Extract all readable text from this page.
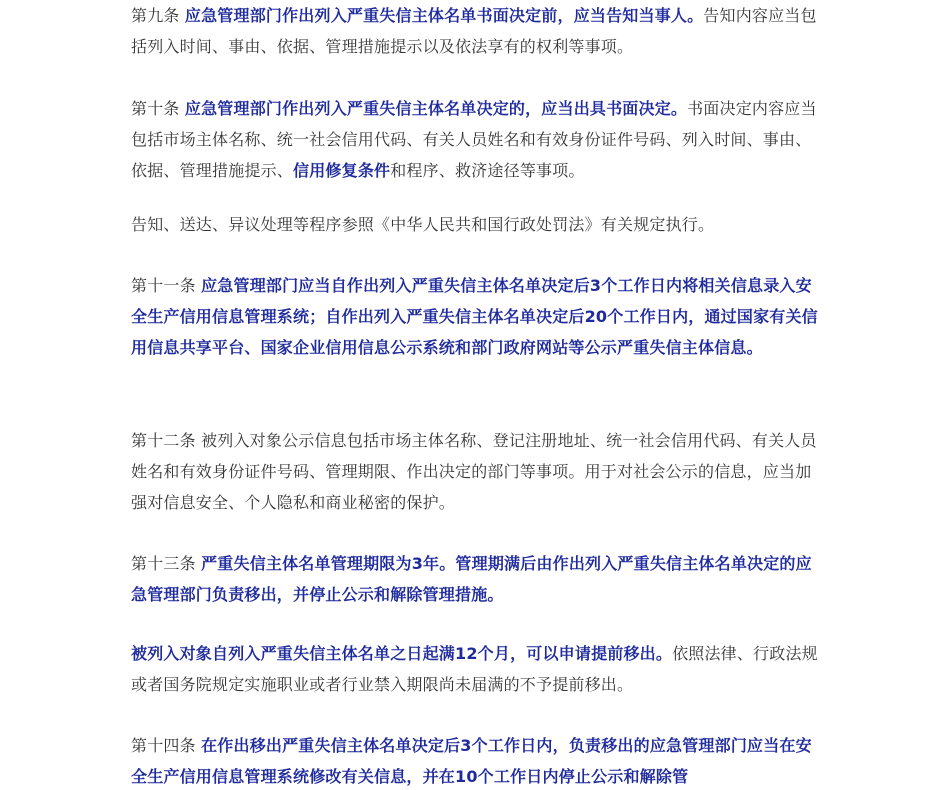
第九条 应急管理部门作出列入严重失信主体名单书面决定前，应当告知当事人。告知内容应当包括列入时间、事由、依据、管理措施提示以及依法享有的权利等事项。

第十条 应急管理部门作出列入严重失信主体名单决定的，应当出具书面决定。书面决定内容应当包括市场主体名称、统一社会信用代码、有关人员姓名和有效身份证件号码、列入时间、事由、依据、管理措施提示、信用修复条件和程序、救济途径等事项。

告知、送达、异议处理等程序参照《中华人民共和国行政处罚法》有关规定执行。

第十一条 应急管理部门应当自作出列入严重失信主体名单决定后3个工作日内将相关信息录入安全生产信用信息管理系统；自作出列入严重失信主体名单决定后20个工作日内，通过国家有关信用信息共享平台、国家企业信用信息公示系统和部门政府网站等公示严重失信主体信息。

第十二条 被列入对象公示信息包括市场主体名称、登记注册地址、统一社会信用代码、有关人员姓名和有效身份证件号码、管理期限、作出决定的部门等事项。用于对社会公示的信息，应当加强对信息安全、个人隐私和商业秘密的保护。

第十三条 严重失信主体名单管理期限为3年。管理期满后由作出列入严重失信主体名单决定的应急管理部门负责移出，并停止公示和解除管理措施。

被列入对象自列入严重失信主体名单之日起满12个月，可以申请提前移出。依照法律、行政法规或者国务院规定实施职业或者行业禁入期限尚未届满的不予提前移出。

第十四条 在作出移出严重失信主体名单决定后3个工作日内，负责移出的应急管理部门应当在安全生产信用信息管理系统修改有关信息，并在10个工作日内停止公示和解除管
